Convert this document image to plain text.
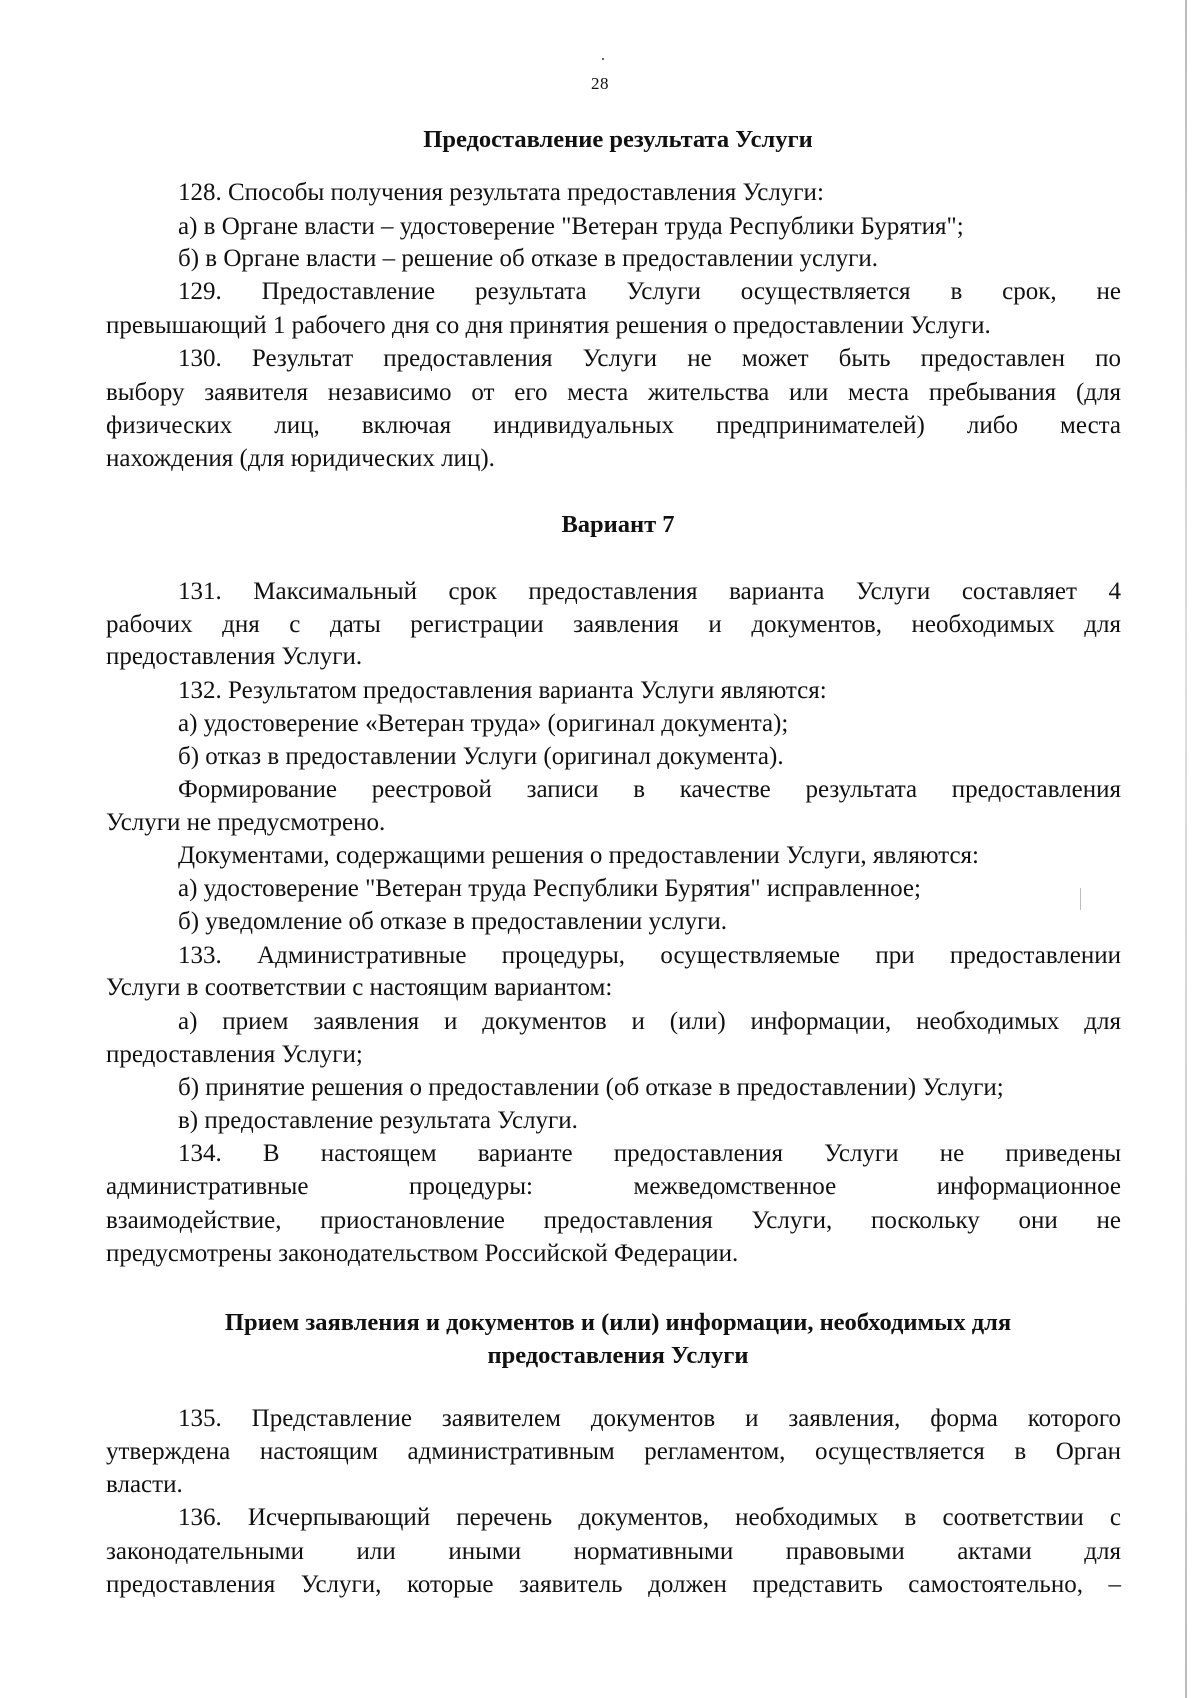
28
Предоставление результата Услуги
128. Способы получения результата предоставления Услуги:
а) в Органе власти – удостоверение "Ветеран труда Республики Бурятия";
б) в Органе власти – решение об отказе в предоставлении услуги.
129. Предоставление результата Услуги осуществляется в срок, не
превышающий 1 рабочего дня со дня принятия решения о предоставлении Услуги.
130. Результат предоставления Услуги не может быть предоставлен по
выбору заявителя независимо от его места жительства или места пребывания (для
физических лиц, включая индивидуальных предпринимателей) либо места
нахождения (для юридических лиц).
Вариант 7
131. Максимальный срок предоставления варианта Услуги составляет 4
рабочих дня с даты регистрации заявления и документов, необходимых для
предоставления Услуги.
132. Результатом предоставления варианта Услуги являются:
а) удостоверение «Ветеран труда» (оригинал документа);
б) отказ в предоставлении Услуги (оригинал документа).
Формирование реестровой записи в качестве результата предоставления
Услуги не предусмотрено.
Документами, содержащими решения о предоставлении Услуги, являются:
а) удостоверение "Ветеран труда Республики Бурятия" исправленное;
б) уведомление об отказе в предоставлении услуги.
133. Административные процедуры, осуществляемые при предоставлении
Услуги в соответствии с настоящим вариантом:
а) прием заявления и документов и (или) информации, необходимых для
предоставления Услуги;
б) принятие решения о предоставлении (об отказе в предоставлении) Услуги;
в) предоставление результата Услуги.
134. В настоящем варианте предоставления Услуги не приведены
административные процедуры: межведомственное информационное
взаимодействие, приостановление предоставления Услуги, поскольку они не
предусмотрены законодательством Российской Федерации.
Прием заявления и документов и (или) информации, необходимых для
предоставления Услуги
135. Представление заявителем документов и заявления, форма которого
утверждена настоящим административным регламентом, осуществляется в Орган
власти.
136. Исчерпывающий перечень документов, необходимых в соответствии с
законодательными или иными нормативными правовыми актами для
предоставления Услуги, которые заявитель должен представить самостоятельно, –
